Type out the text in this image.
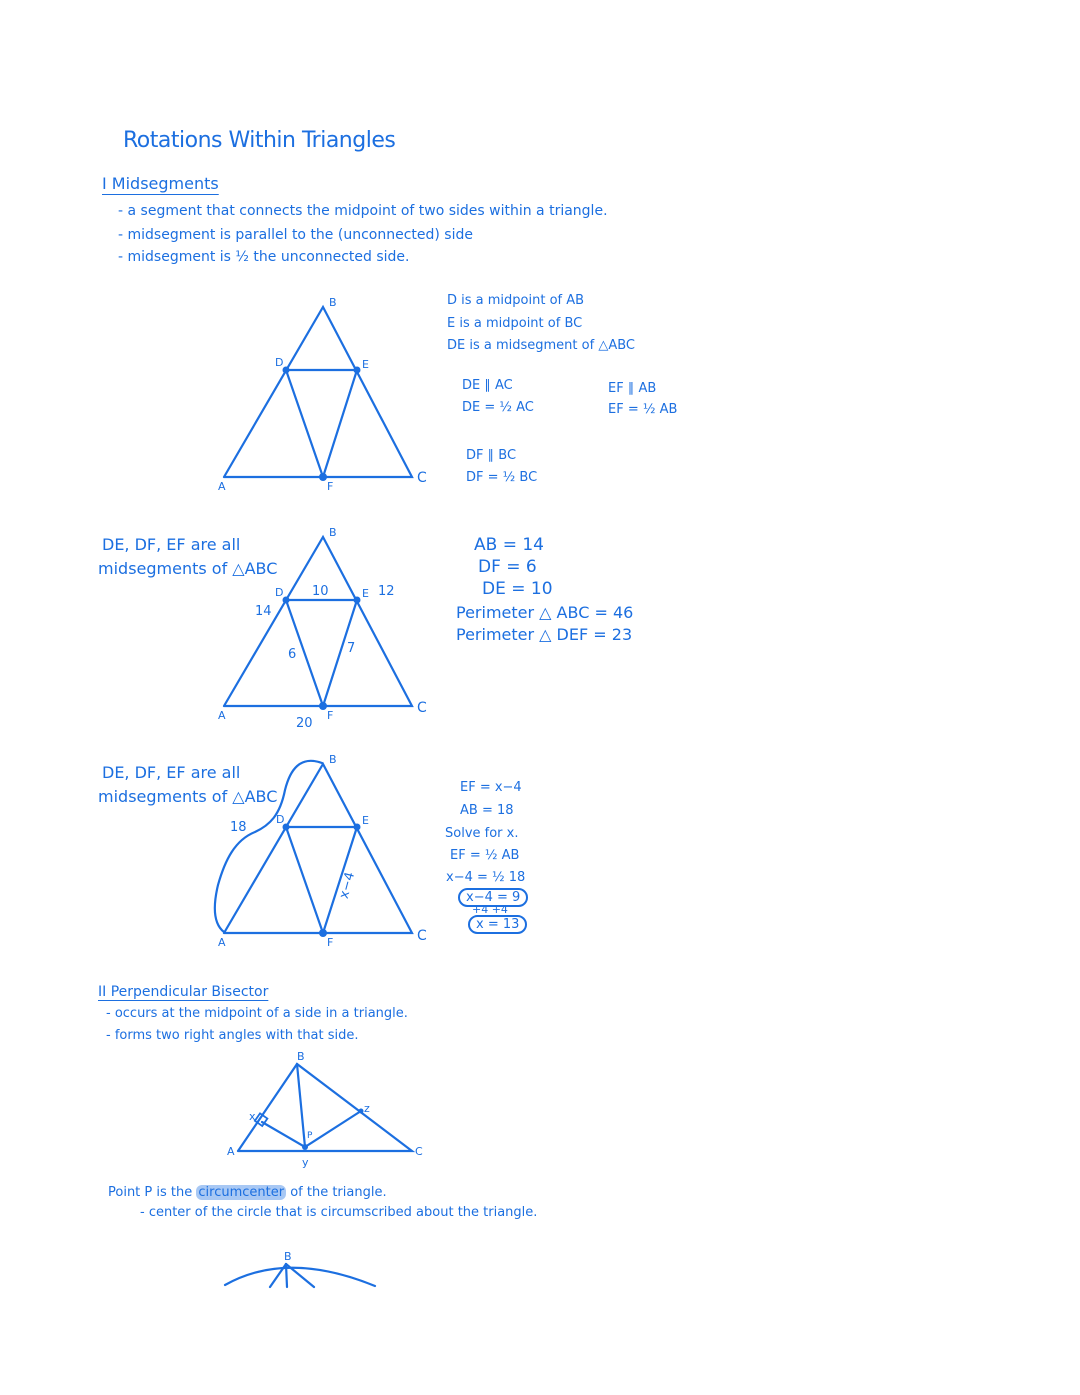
Rotations Within Triangles
I Midsegments
- a segment that connects the midpoint of two sides within a triangle.
- midsegment is parallel to the (unconnected) side
- midsegment is ½ the unconnected side.
B
D	E
A	F
C
D is a midpoint of AB
E is a midpoint of BC
DE is a midsegment of △ABC
DE ∥ AC
DE = ½ AC
EF ∥ AB
EF = ½ AB
DF ∥ BC
DF = ½ BC
DE, DF, EF are all
midsegments of △ABC
B
D	E
A	F	C
10
14
12
6	7
20
AB = 14
DF = 6
DE = 10
Perimeter △ ABC = 46
Perimeter △ DEF = 23
DE, DF, EF are all
midsegments of △ABC
B
D	E
A	F	C
18
x−4
EF = x−4
AB = 18
Solve for x.
EF = ½ AB
x−4 = ½ 18
x−4 = 9
+4 +4
x = 13
II Perpendicular Bisector
- occurs at the midpoint of a side in a triangle.
- forms two right angles with that side.
B
A	C
P
x
y
z
Point P is the circumcenter of the triangle.
- center of the circle that is circumscribed about the triangle.
B
